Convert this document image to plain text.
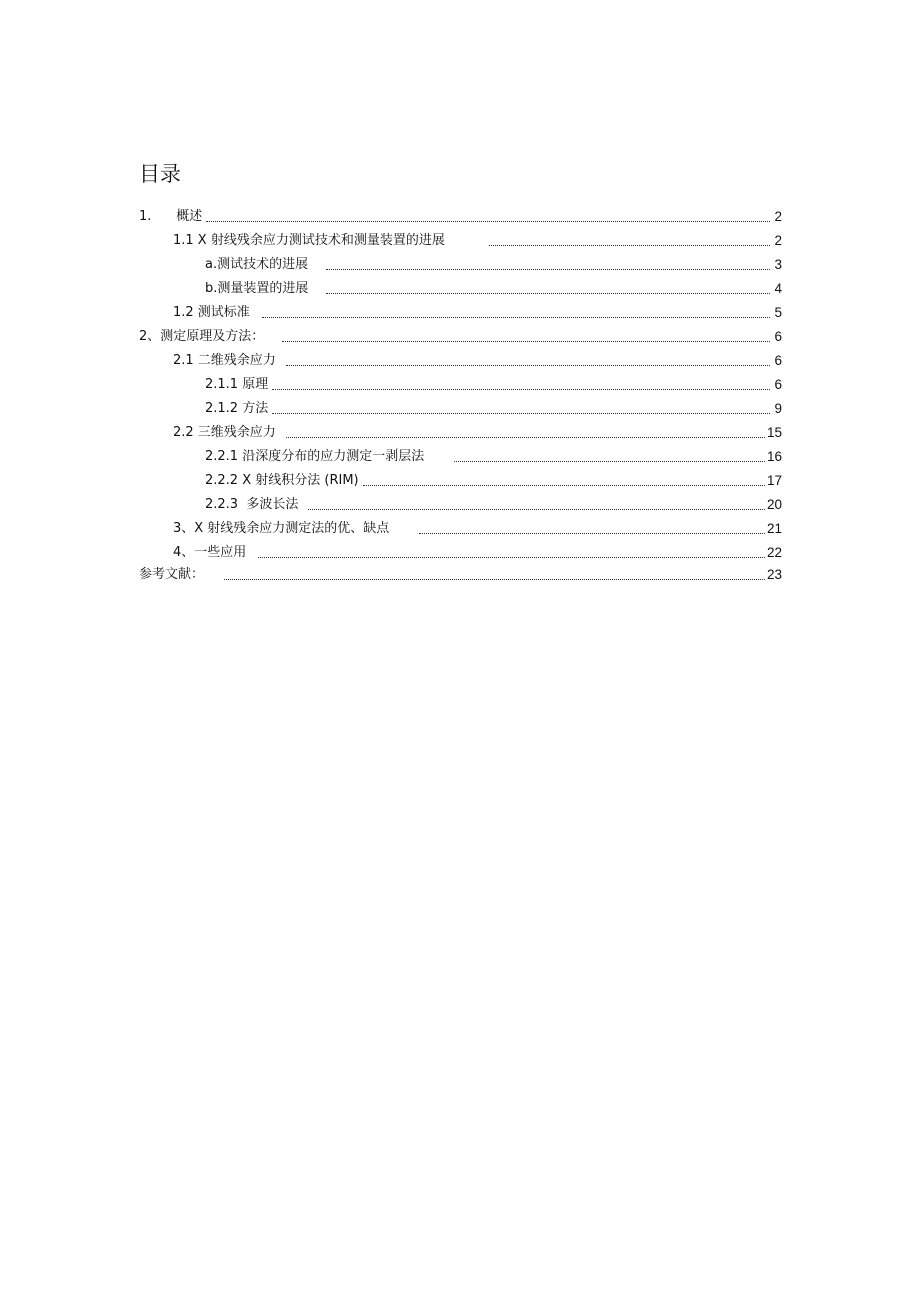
目录
1.      概述	2
1.1 X 射线残余应力测试技术和测量装置的进展	2
a.测试技术的进展	3
b.测量装置的进展	4
1.2 测试标准	5
2、测定原理及方法：	6
2.1 二维残余应力	6
2.1.1 原理	6
2.1.2 方法	9
2.2 三维残余应力	15
2.2.1 沿深度分布的应力测定一剥层法	16
2.2.2 X 射线积分法 (RIM)	17
2.2.3  多波长法	20
3、X 射线残余应力测定法的优、缺点	21
4、一些应用	22
参考文献：	23
